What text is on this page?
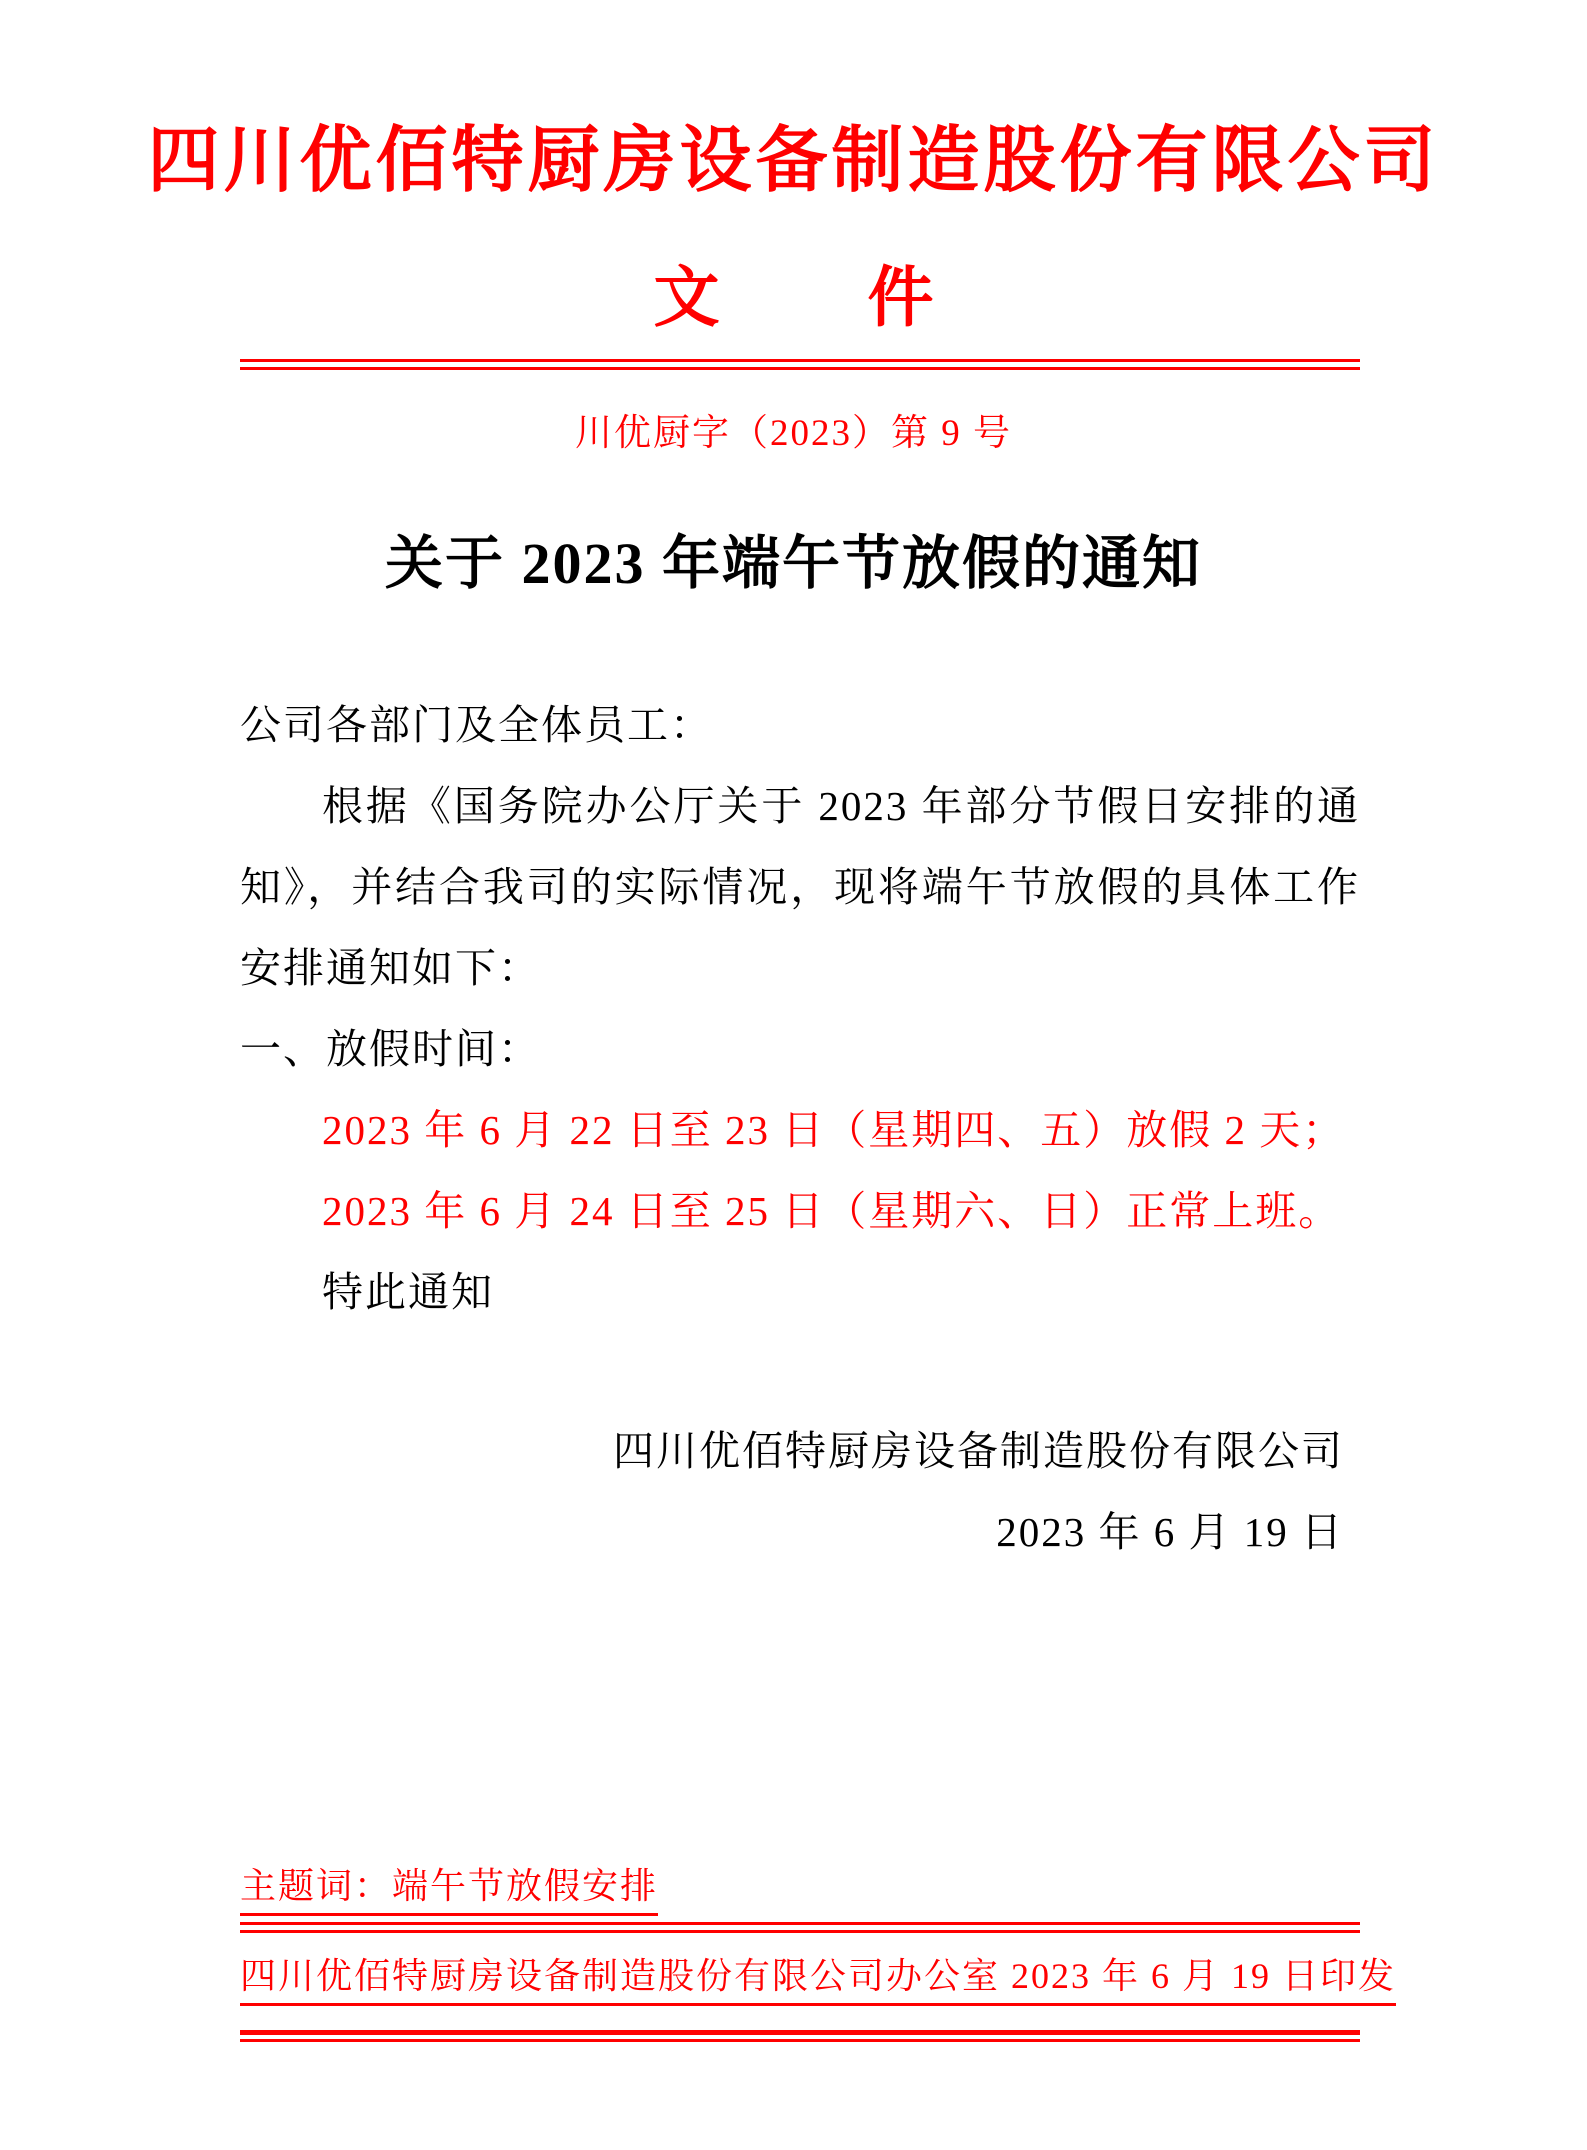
四川优佰特厨房设备制造股份有限公司
文 件
川优厨字（2023）第 9 号
关于 2023 年端午节放假的通知

公司各部门及全体员工：

根据《国务院办公厅关于 2023 年部分节假日安排的通

知》，并结合我司的实际情况，现将端午节放假的具体工作

安排通知如下：

一、放假时间：

2023 年 6 月 22 日至 23 日（星期四、五）放假 2 天；

2023 年 6 月 24 日至 25 日（星期六、日）正常上班。

特此通知

四川优佰特厨房设备制造股份有限公司

2023 年 6 月 19 日

主题词：端午节放假安排
四川优佰特厨房设备制造股份有限公司办公室 2023 年 6 月 19 日印发
